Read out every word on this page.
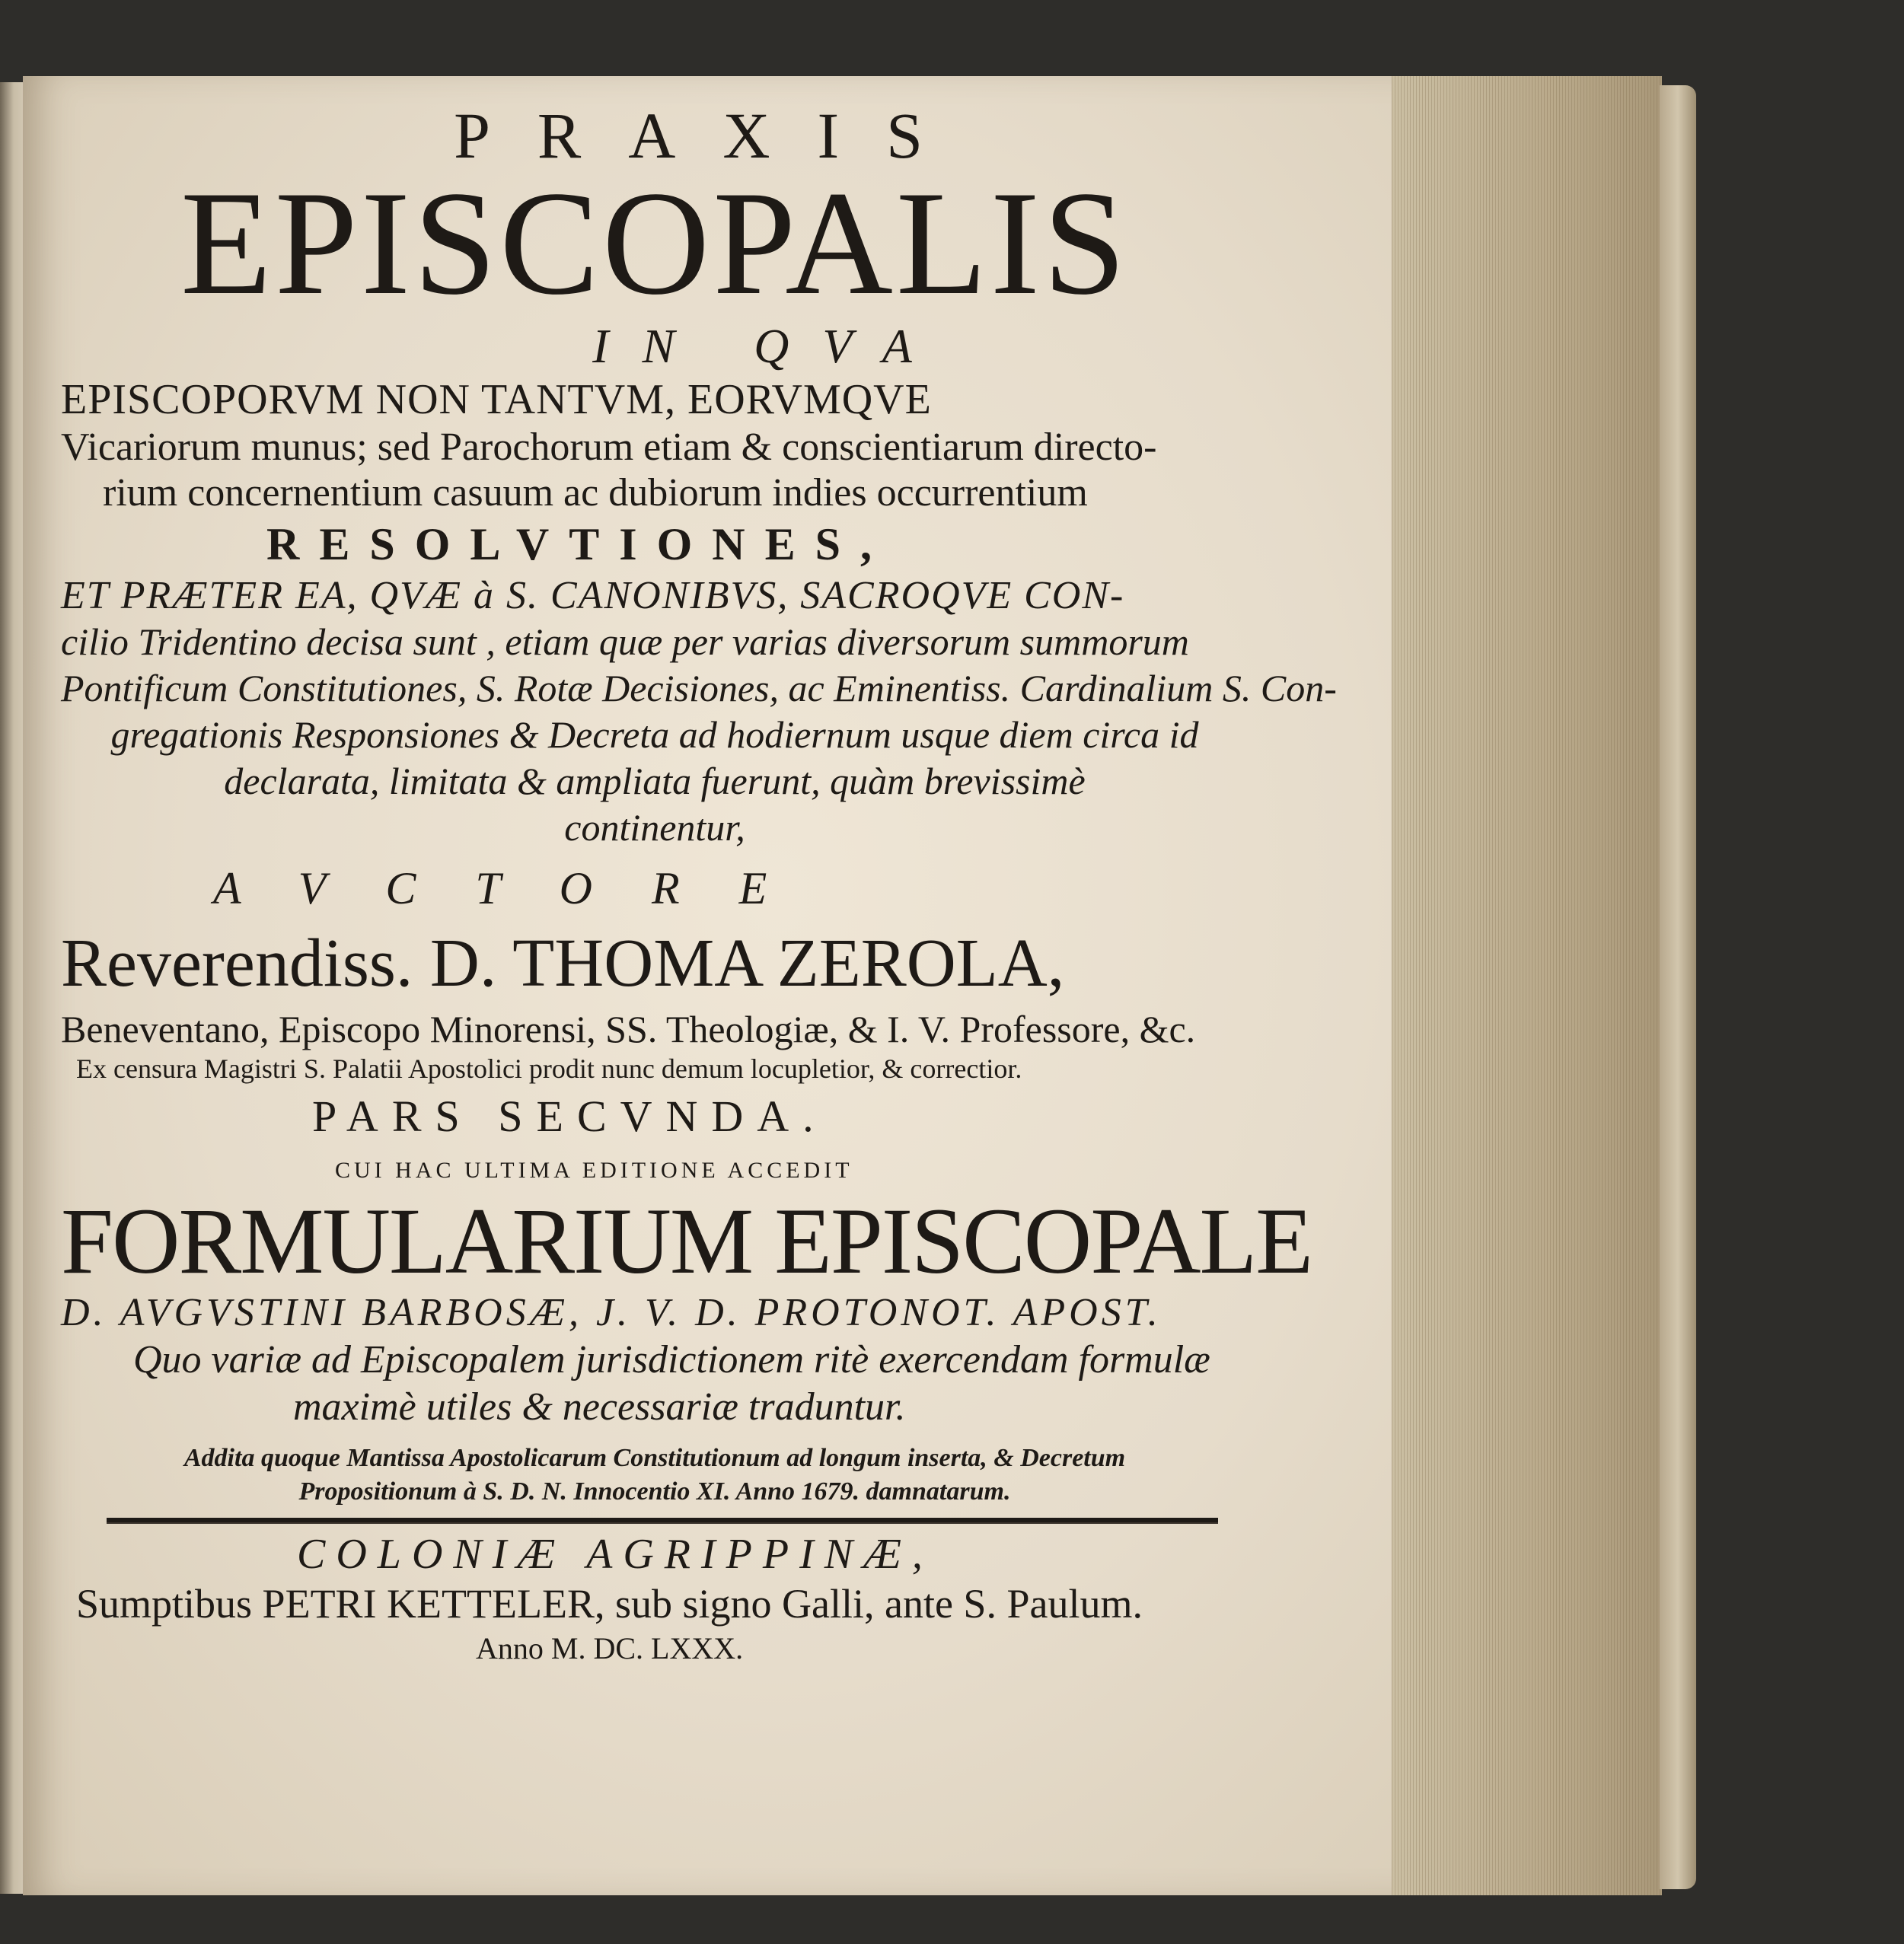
PRAXIS
EPISCOPALIS
IN QVA
EPISCOPORVM NON TANTVM, EORVMQVE
Vicariorum munus; sed Parochorum etiam & conscientiarum directo-
rium concernentium casuum ac dubiorum indies occurrentium
RESOLVTIONES,
ET PRÆTER EA, QVÆ à S. CANONIBVS, SACROQVE CON-
cilio Tridentino decisa sunt , etiam quæ per varias diversorum summorum
Pontificum Constitutiones, S. Rotæ Decisiones, ac Eminentiss. Cardinalium S. Con-
gregationis Responsiones & Decreta ad hodiernum usque diem circa id
declarata, limitata & ampliata fuerunt, quàm brevissimè
continentur,
AVCTORE
Reverendiss. D. THOMA ZEROLA,
Beneventano, Episcopo Minorensi, SS. Theologiæ, & I. V. Professore, &c.
Ex censura Magistri S. Palatii Apostolici prodit nunc demum locupletior, & correctior.
PARS SECVNDA.
CUI HAC ULTIMA EDITIONE ACCEDIT
FORMULARIUM EPISCOPALE
D. AVGVSTINI BARBOSÆ, J. V. D. PROTONOT. APOST.
Quo variæ ad Episcopalem jurisdictionem ritè exercendam formulæ
maximè utiles & necessariæ traduntur.
Addita quoque Mantissa Apostolicarum Constitutionum ad longum inserta, & Decretum
Propositionum à S. D. N. Innocentio XI. Anno 1679. damnatarum.
COLONIÆ AGRIPPINÆ,
Sumptibus PETRI KETTELER, sub signo Galli, ante S. Paulum.
Anno M. DC. LXXX.
